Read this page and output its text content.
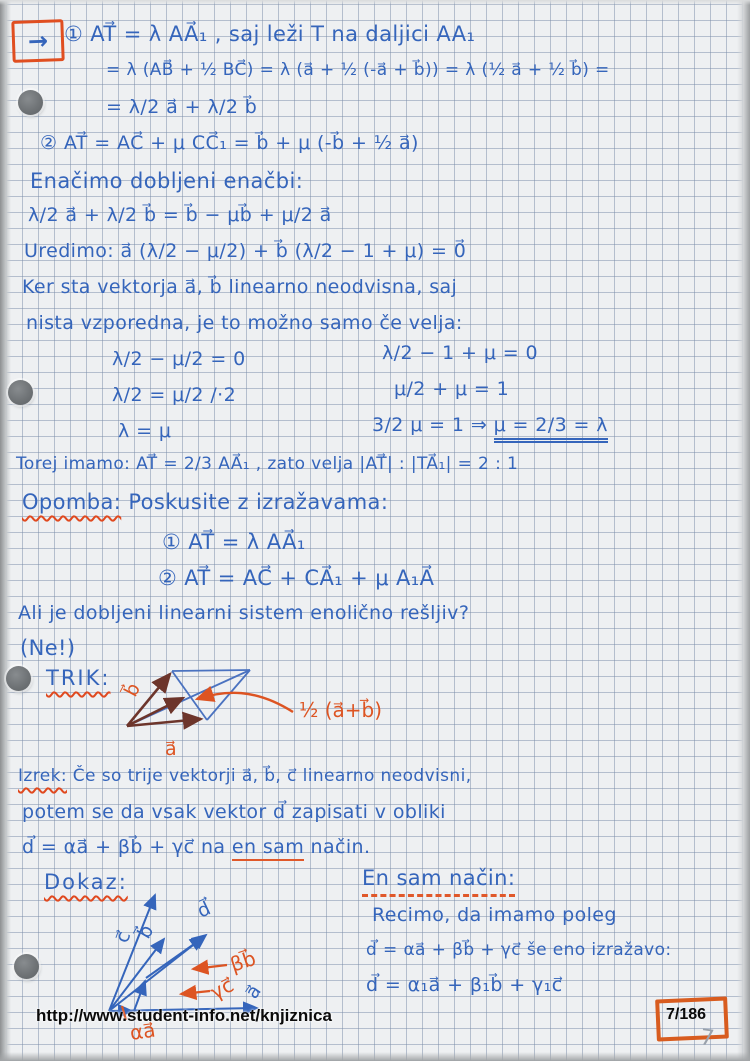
→ ① AT⃗ = λ AA⃗₁ , saj leži T na daljici AA₁
= λ (AB⃗ + ½ BC⃗) = λ (a⃗ + ½ (-a⃗ + b⃗)) = λ (½ a⃗ + ½ b⃗) =
= λ/2 a⃗ + λ/2 b⃗
② AT⃗ = AC⃗ + μ CC⃗₁ = b⃗ + μ (-b⃗ + ½ a⃗)
Enačimo dobljeni enačbi:
λ/2 a⃗ + λ/2 b⃗ = b⃗ − μb⃗ + μ/2 a⃗
Uredimo: a⃗ (λ/2 − μ/2) + b⃗ (λ/2 − 1 + μ) = 0⃗
Ker sta vektorja a⃗, b⃗ linearno neodvisna, saj
nista vzporedna, je to možno samo če velja:
λ/2 − μ/2 = 0	λ/2 − 1 + μ = 0
λ/2 = μ/2 /·2	μ/2 + μ = 1
λ = μ	3/2 μ = 1 ⇒ μ = 2/3 = λ
Torej imamo: AT⃗ = 2/3 AA⃗₁ , zato velja |AT⃗| : |TA⃗₁| = 2 : 1
Opomba: Poskusite z izražavama:
① AT⃗ = λ AA⃗₁
② AT⃗ = AC⃗ + CA⃗₁ + μ A₁A⃗
Ali je dobljeni linearni sistem enolično rešljiv?
(Ne!)
TRIK: b⃗
a⃗
½ (a⃗+b⃗)
Izrek: Če so trije vektorji a⃗, b⃗, c⃗ linearno neodvisni,
potem se da vsak vektor d⃗ zapisati v obliki
d⃗ = αa⃗ + βb⃗ + γc⃗ na en sam način.
Dokaz:
c⃗
b⃗
d⃗
a⃗
βb⃗
γc⃗
αa⃗
En sam način:
Recimo, da imamo poleg
d⃗ = αa⃗ + βb⃗ + γc⃗ še eno izražavo:
d⃗ = α₁a⃗ + β₁b⃗ + γ₁c⃗
http://www.student-info.net/knjiznica	7/186
7
